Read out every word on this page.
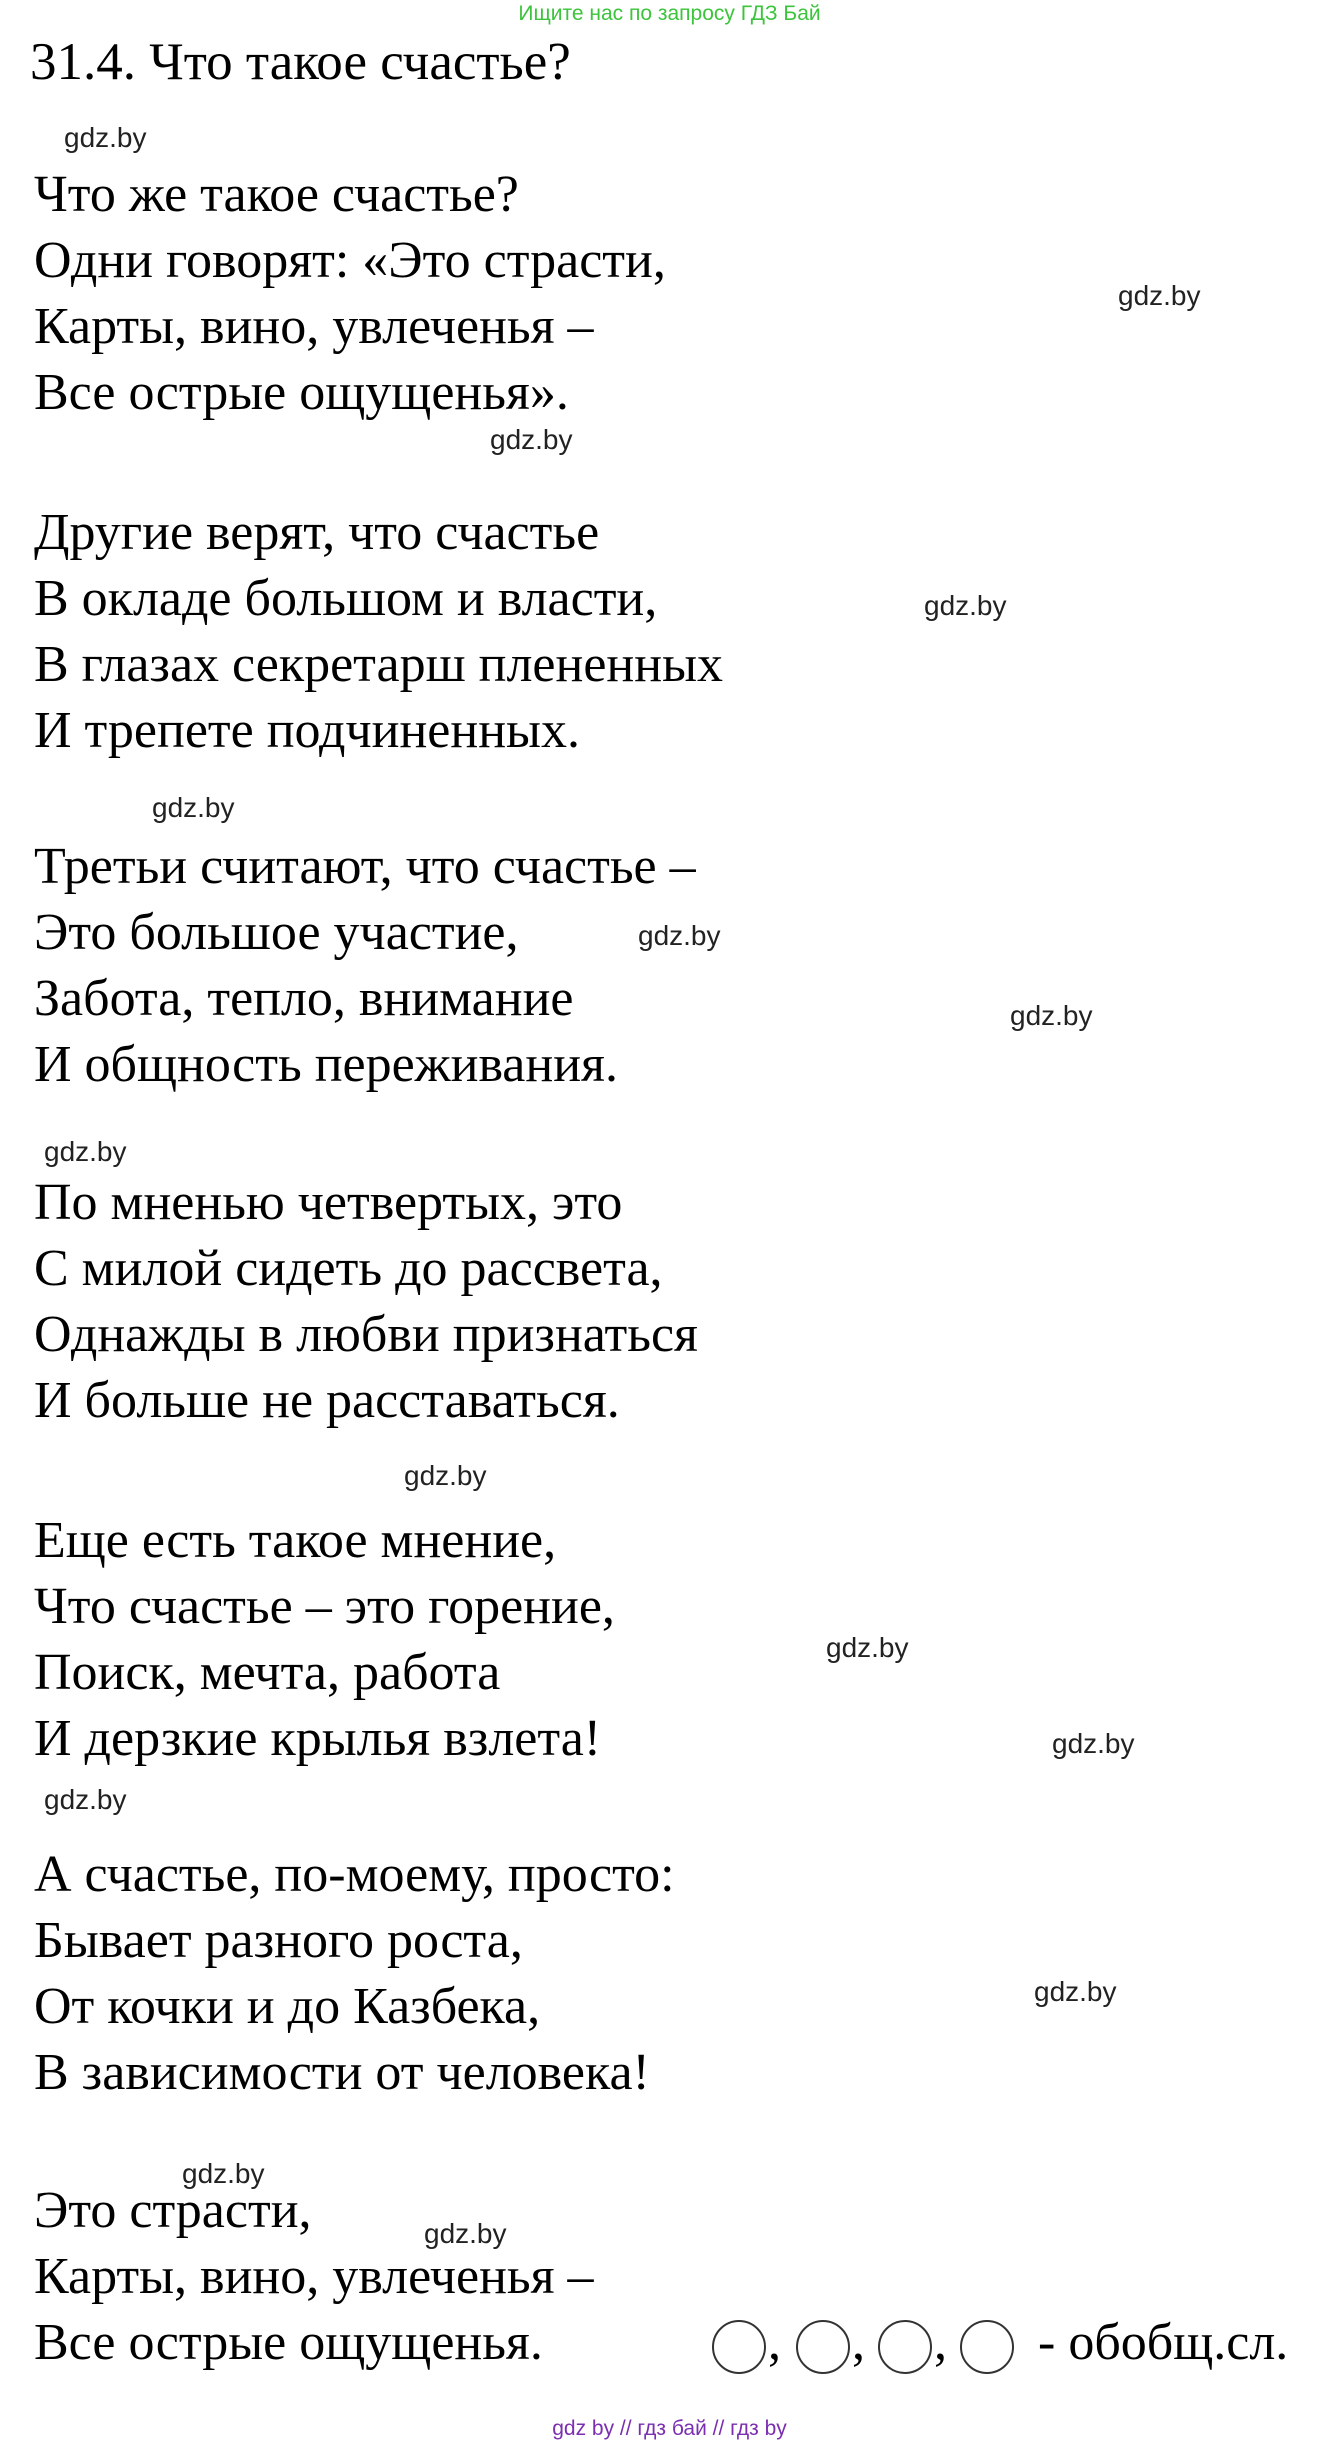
Ищите нас по запросу ГДЗ Бай
31.4. Что такое счастье?
Что же такое счастье?
Одни говорят: «Это страсти,
Карты, вино, увлеченья –
Все острые ощущенья».
Другие верят, что счастье
В окладе большом и власти,
В глазах секретарш плененных
И трепете подчиненных.
Третьи считают, что счастье –
Это большое участие,
Забота, тепло, внимание
И общность переживания.
По мненью четвертых, это
С милой сидеть до рассвета,
Однажды в любви признаться
И больше не расставаться.
Еще есть такое мнение,
Что счастье – это горение,
Поиск, мечта, работа
И дерзкие крылья взлета!
А счастье, по-моему, просто:
Бывает разного роста,
От кочки и до Казбека,
В зависимости от человека!
Это страсти,
Карты, вино, увлеченья –
Все острые ощущенья.	, , , - обобщ.сл.
gdz.by
gdz.by
gdz.by
gdz.by
gdz.by
gdz.by
gdz.by
gdz.by
gdz.by
gdz.by
gdz.by
gdz.by
gdz.by
gdz.by
gdz.by
gdz by // гдз бай // гдз by
